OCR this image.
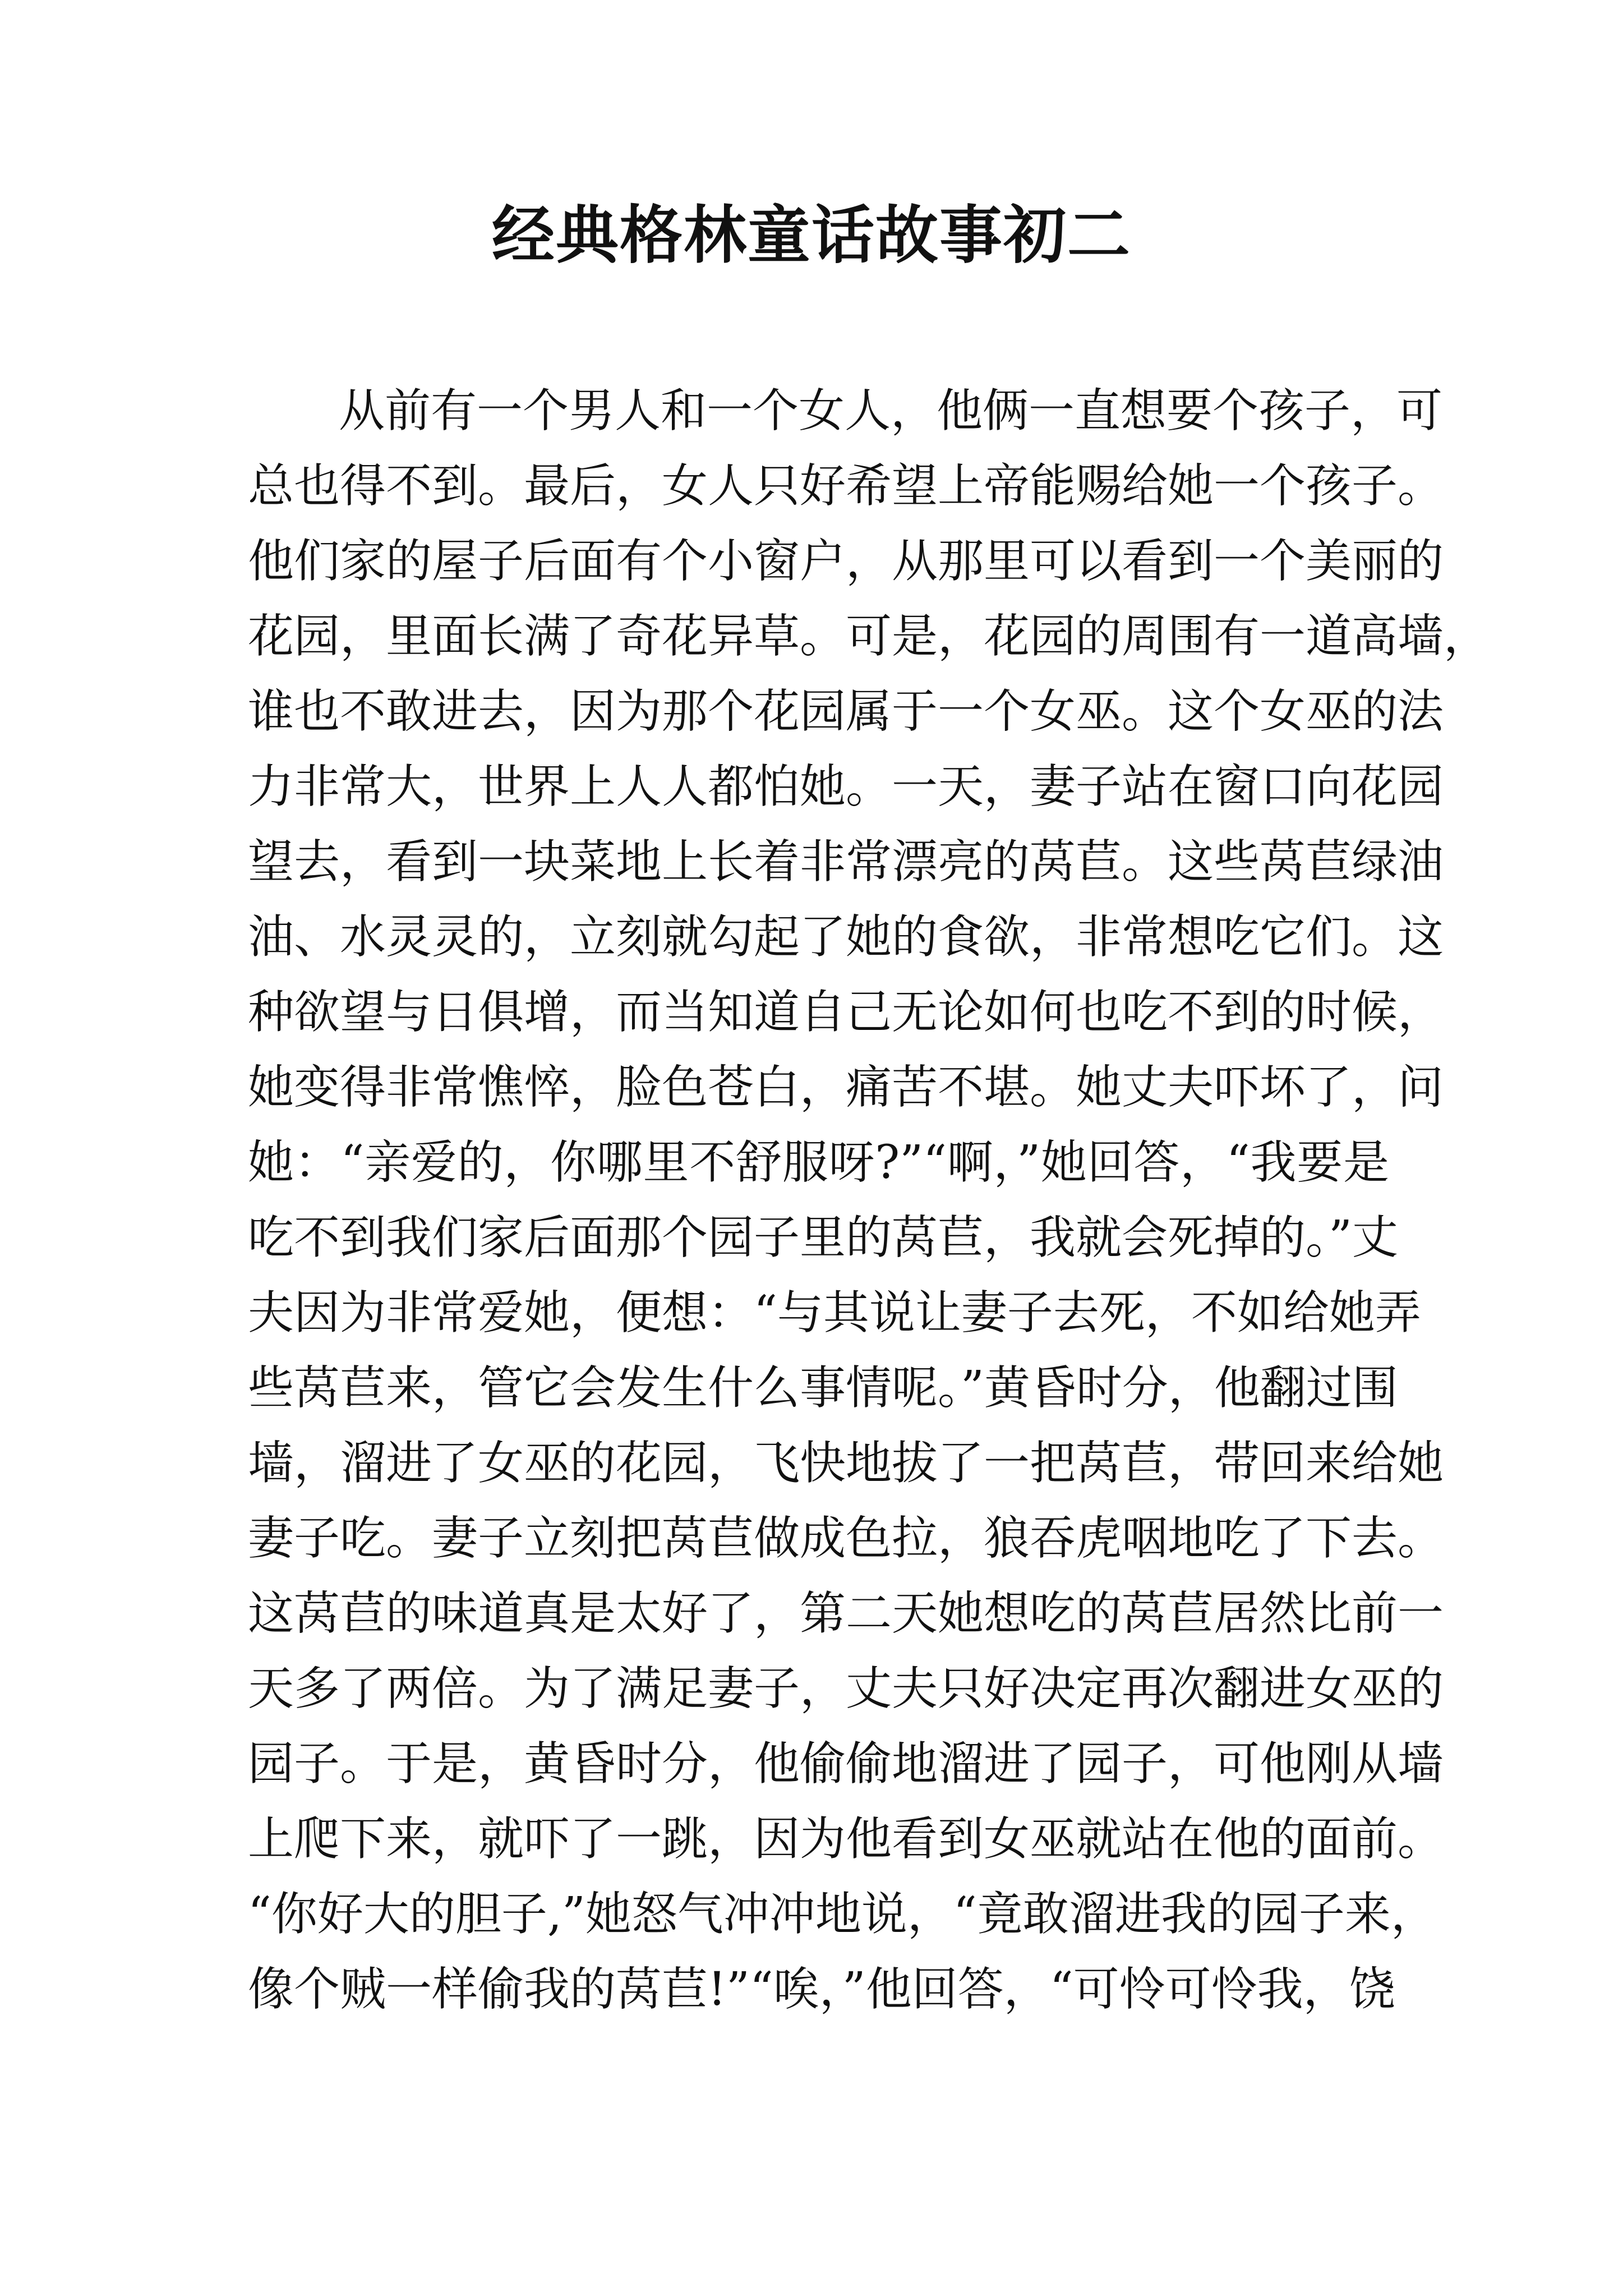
经典格林童话故事初二
从前有一个男人和一个女人，他俩一直想要个孩子，可
总也得不到。最后，女人只好希望上帝能赐给她一个孩子。
他们家的屋子后面有个小窗户，从那里可以看到一个美丽的
花园，里面长满了奇花异草。可是，花园的周围有一道高墙，
谁也不敢进去，因为那个花园属于一个女巫。这个女巫的法
力非常大，世界上人人都怕她。一天，妻子站在窗口向花园
望去，看到一块菜地上长着非常漂亮的莴苣。这些莴苣绿油
油、水灵灵的，立刻就勾起了她的食欲，非常想吃它们。这
种欲望与日俱增，而当知道自己无论如何也吃不到的时候，
她变得非常憔悴，脸色苍白，痛苦不堪。她丈夫吓坏了，问
她：“亲爱的，你哪里不舒服呀?”“啊，”她回答，“我要是
吃不到我们家后面那个园子里的莴苣，我就会死掉的。”丈
夫因为非常爱她，便想：“与其说让妻子去死，不如给她弄
些莴苣来，管它会发生什么事情呢。”黄昏时分，他翻过围
墙，溜进了女巫的花园，飞快地拔了一把莴苣，带回来给她
妻子吃。妻子立刻把莴苣做成色拉，狼吞虎咽地吃了下去。
这莴苣的味道真是太好了，第二天她想吃的莴苣居然比前一
天多了两倍。为了满足妻子，丈夫只好决定再次翻进女巫的
园子。于是，黄昏时分，他偷偷地溜进了园子，可他刚从墙
上爬下来，就吓了一跳，因为他看到女巫就站在他的面前。
“你好大的胆子,”她怒气冲冲地说，“竟敢溜进我的园子来，
像个贼一样偷我的莴苣!”“唉，”他回答，“可怜可怜我，饶
